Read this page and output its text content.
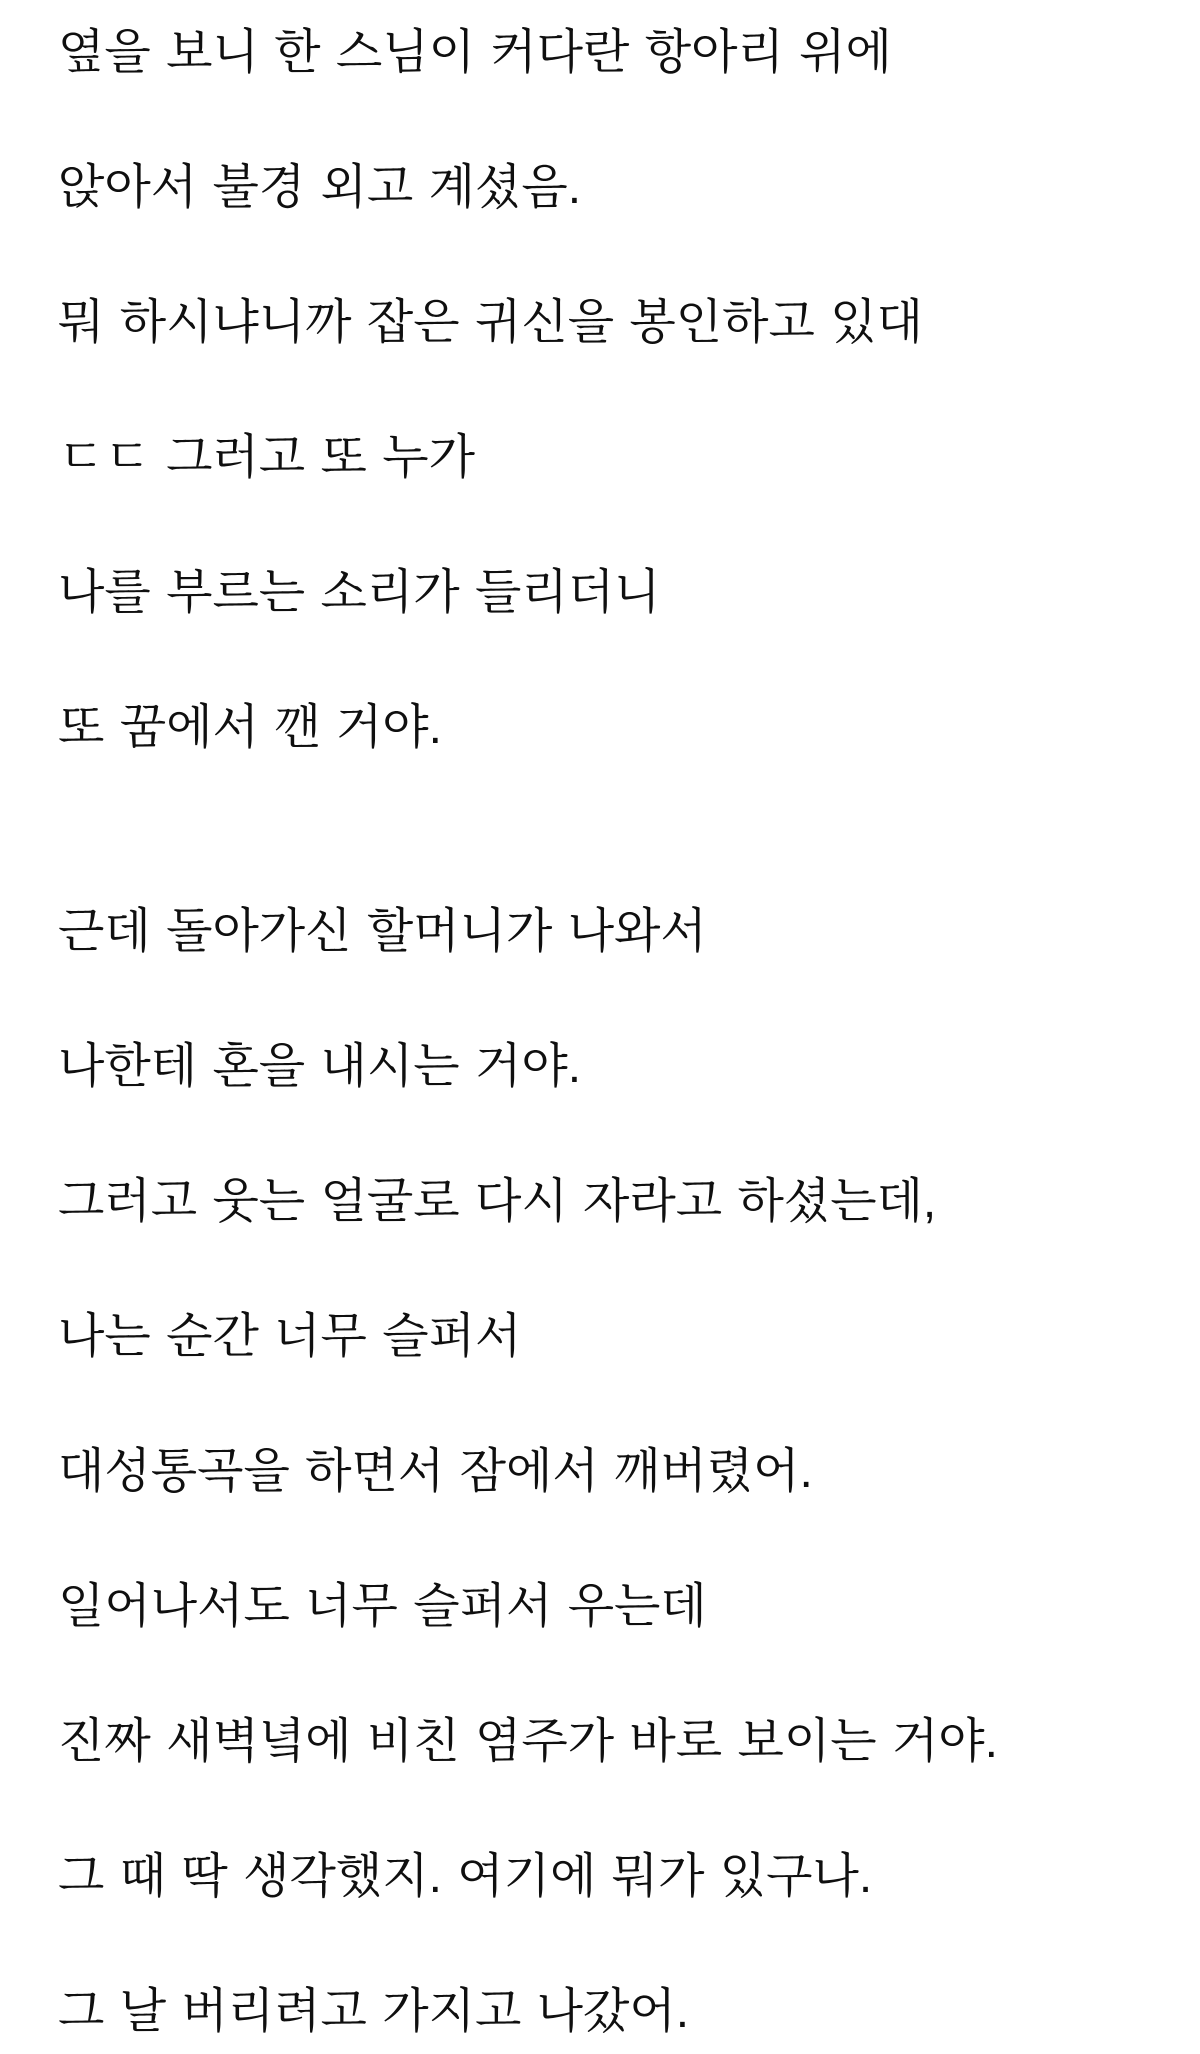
옆을 보니 한 스님이 커다란 항아리 위에

앉아서 불경 외고 계셨음.

뭐 하시냐니까 잡은 귀신을 봉인하고 있대

ㄷㄷ 그러고 또 누가

나를 부르는 소리가 들리더니

또 꿈에서 깬 거야.

근데 돌아가신 할머니가 나와서

나한테 혼을 내시는 거야.

그러고 웃는 얼굴로 다시 자라고 하셨는데,

나는 순간 너무 슬퍼서

대성통곡을 하면서 잠에서 깨버렸어.

일어나서도 너무 슬퍼서 우는데

진짜 새벽녘에 비친 염주가 바로 보이는 거야.

그 때 딱 생각했지. 여기에 뭐가 있구나.

그 날 버리려고 가지고 나갔어.
